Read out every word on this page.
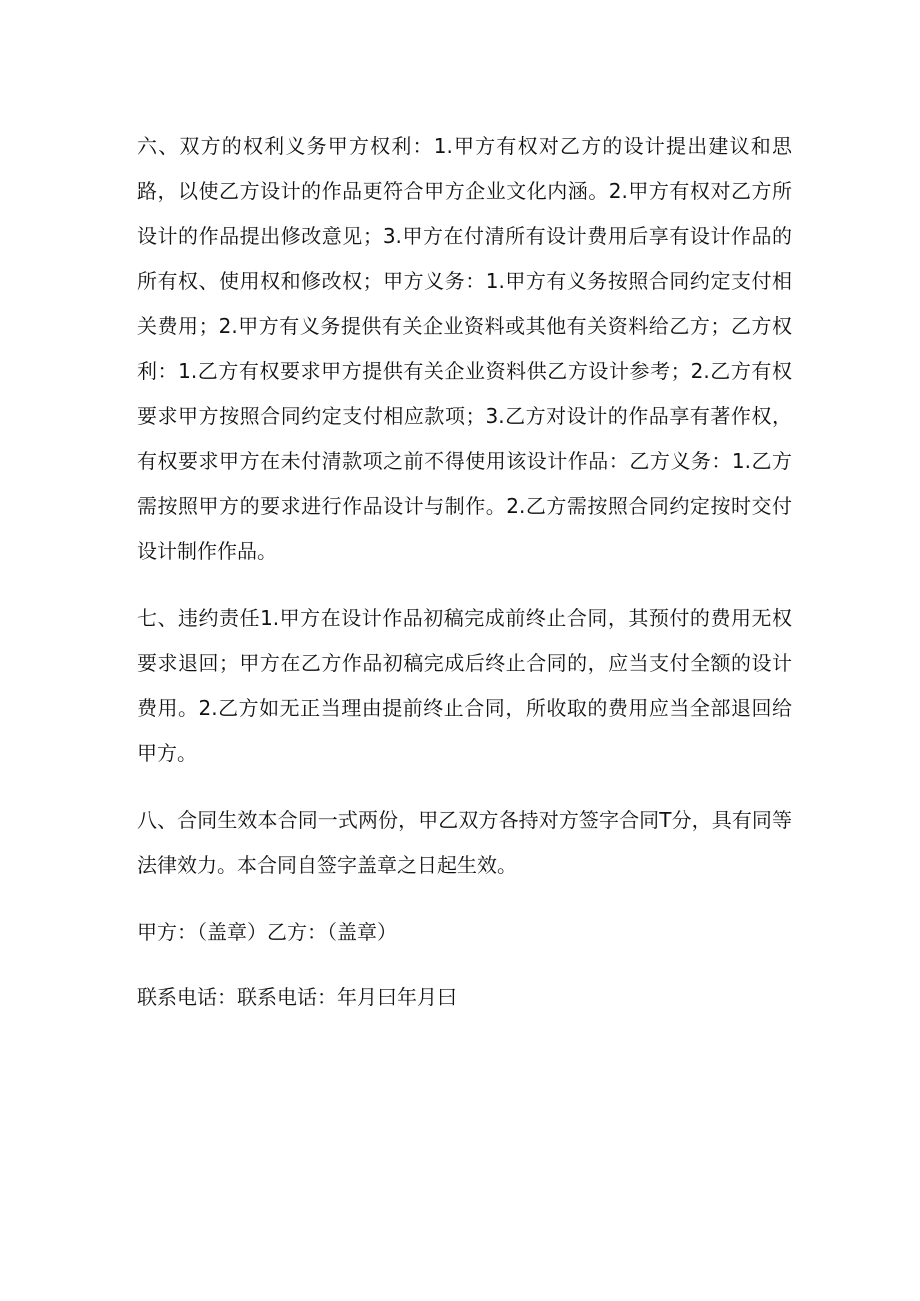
六、双方的权利义务甲方权利：1.甲方有权对乙方的设计提出建议和思路，以使乙方设计的作品更符合甲方企业文化内涵。2.甲方有权对乙方所设计的作品提出修改意见；3.甲方在付清所有设计费用后享有设计作品的所有权、使用权和修改权；甲方义务：1.甲方有义务按照合同约定支付相关费用；2.甲方有义务提供有关企业资料或其他有关资料给乙方；乙方权利：1.乙方有权要求甲方提供有关企业资料供乙方设计参考；2.乙方有权要求甲方按照合同约定支付相应款项；3.乙方对设计的作品享有著作权，有权要求甲方在未付清款项之前不得使用该设计作品：乙方义务：1.乙方需按照甲方的要求进行作品设计与制作。2.乙方需按照合同约定按时交付设计制作作品。

七、违约责任1.甲方在设计作品初稿完成前终止合同，其预付的费用无权要求退回；甲方在乙方作品初稿完成后终止合同的，应当支付全额的设计费用。2.乙方如无正当理由提前终止合同，所收取的费用应当全部退回给甲方。

八、合同生效本合同一式两份，甲乙双方各持对方签字合同T分，具有同等法律效力。本合同自签字盖章之日起生效。

甲方：（盖章）乙方：（盖章）

联系电话：联系电话：年月曰年月曰
